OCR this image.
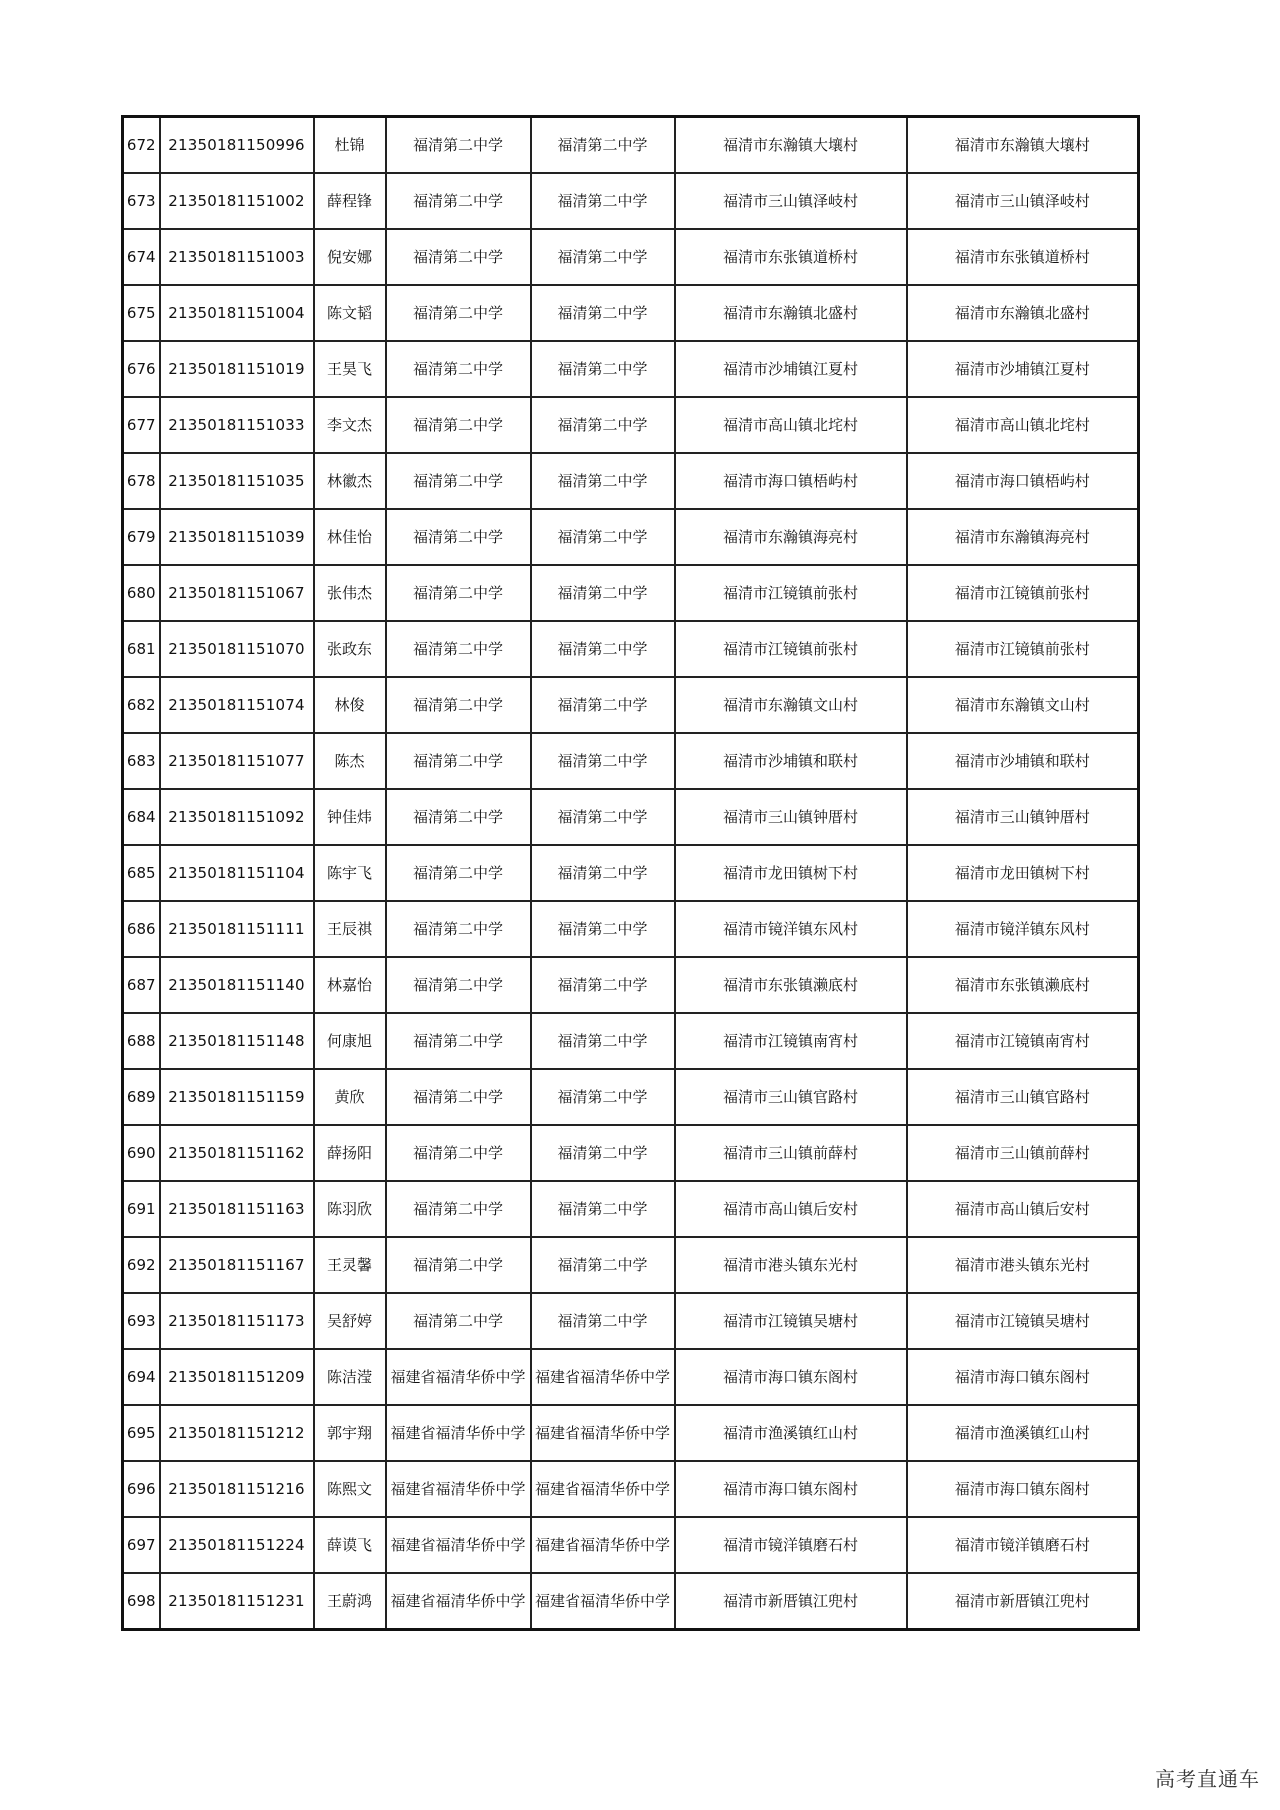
672	21350181150996	杜锦	福清第二中学	福清第二中学	福清市东瀚镇大壤村	福清市东瀚镇大壤村
673	21350181151002	薛程锋	福清第二中学	福清第二中学	福清市三山镇泽岐村	福清市三山镇泽岐村
674	21350181151003	倪安娜	福清第二中学	福清第二中学	福清市东张镇道桥村	福清市东张镇道桥村
675	21350181151004	陈文韬	福清第二中学	福清第二中学	福清市东瀚镇北盛村	福清市东瀚镇北盛村
676	21350181151019	王昊飞	福清第二中学	福清第二中学	福清市沙埔镇江夏村	福清市沙埔镇江夏村
677	21350181151033	李文杰	福清第二中学	福清第二中学	福清市高山镇北垞村	福清市高山镇北垞村
678	21350181151035	林徽杰	福清第二中学	福清第二中学	福清市海口镇梧屿村	福清市海口镇梧屿村
679	21350181151039	林佳怡	福清第二中学	福清第二中学	福清市东瀚镇海亮村	福清市东瀚镇海亮村
680	21350181151067	张伟杰	福清第二中学	福清第二中学	福清市江镜镇前张村	福清市江镜镇前张村
681	21350181151070	张政东	福清第二中学	福清第二中学	福清市江镜镇前张村	福清市江镜镇前张村
682	21350181151074	林俊	福清第二中学	福清第二中学	福清市东瀚镇文山村	福清市东瀚镇文山村
683	21350181151077	陈杰	福清第二中学	福清第二中学	福清市沙埔镇和联村	福清市沙埔镇和联村
684	21350181151092	钟佳炜	福清第二中学	福清第二中学	福清市三山镇钟厝村	福清市三山镇钟厝村
685	21350181151104	陈宇飞	福清第二中学	福清第二中学	福清市龙田镇树下村	福清市龙田镇树下村
686	21350181151111	王辰祺	福清第二中学	福清第二中学	福清市镜洋镇东风村	福清市镜洋镇东风村
687	21350181151140	林嘉怡	福清第二中学	福清第二中学	福清市东张镇濑底村	福清市东张镇濑底村
688	21350181151148	何康旭	福清第二中学	福清第二中学	福清市江镜镇南宵村	福清市江镜镇南宵村
689	21350181151159	黄欣	福清第二中学	福清第二中学	福清市三山镇官路村	福清市三山镇官路村
690	21350181151162	薛扬阳	福清第二中学	福清第二中学	福清市三山镇前薛村	福清市三山镇前薛村
691	21350181151163	陈羽欣	福清第二中学	福清第二中学	福清市高山镇后安村	福清市高山镇后安村
692	21350181151167	王灵馨	福清第二中学	福清第二中学	福清市港头镇东光村	福清市港头镇东光村
693	21350181151173	吴舒婷	福清第二中学	福清第二中学	福清市江镜镇吴塘村	福清市江镜镇吴塘村
694	21350181151209	陈洁滢	福建省福清华侨中学	福建省福清华侨中学	福清市海口镇东阁村	福清市海口镇东阁村
695	21350181151212	郭宇翔	福建省福清华侨中学	福建省福清华侨中学	福清市渔溪镇红山村	福清市渔溪镇红山村
696	21350181151216	陈熙文	福建省福清华侨中学	福建省福清华侨中学	福清市海口镇东阁村	福清市海口镇东阁村
697	21350181151224	薛谟飞	福建省福清华侨中学	福建省福清华侨中学	福清市镜洋镇磨石村	福清市镜洋镇磨石村
698	21350181151231	王蔚鸿	福建省福清华侨中学	福建省福清华侨中学	福清市新厝镇江兜村	福清市新厝镇江兜村
高考直通车
